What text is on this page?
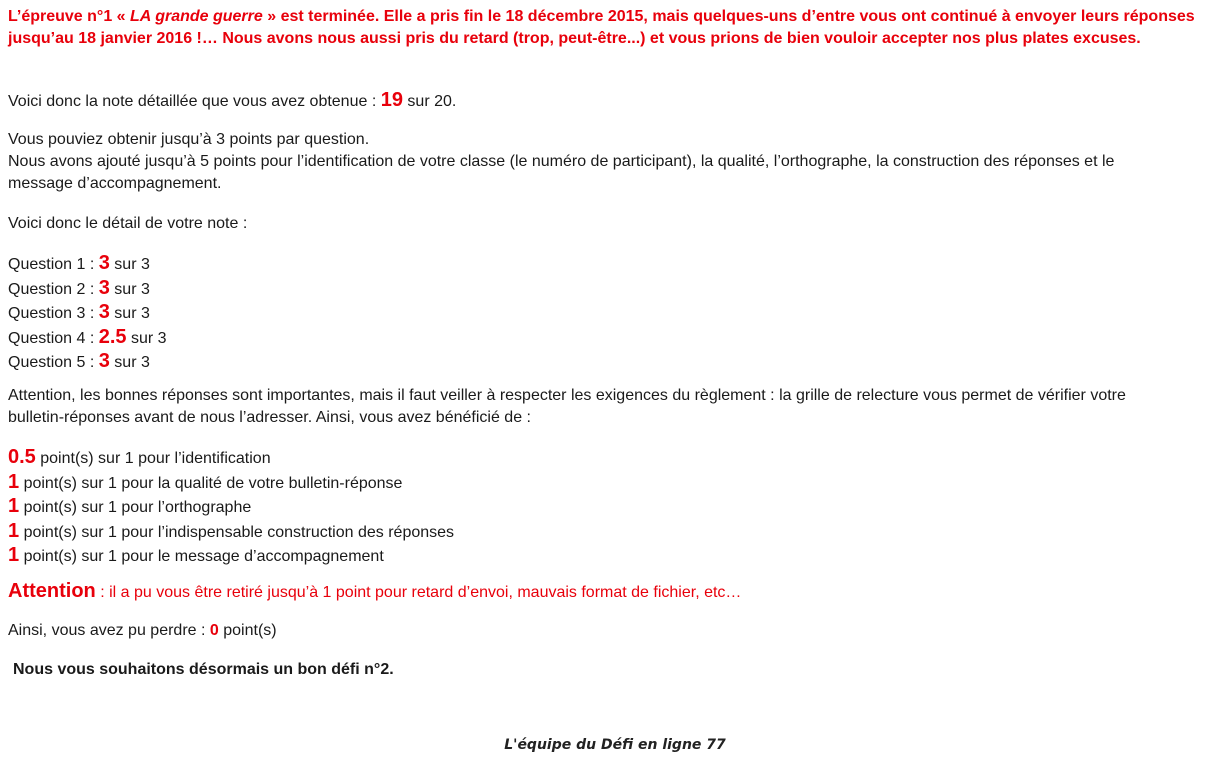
L’épreuve n°1 « LA grande guerre » est terminée. Elle a pris fin le 18 décembre 2015, mais quelques-uns d’entre vous ont continué à envoyer leurs réponses jusqu’au 18 janvier 2016 !… Nous avons nous aussi pris du retard (trop, peut-être...) et vous prions de bien vouloir accepter nos plus plates excuses.

Voici donc la note détaillée que vous avez obtenue : 19 sur 20.

Vous pouviez obtenir jusqu’à 3 points par question.

Nous avons ajouté jusqu’à 5 points pour l’identification de votre classe (le numéro de participant), la qualité, l’orthographe, la construction des réponses et le message d’accompagnement.

Voici donc le détail de votre note :

Question 1 : 3 sur 3

Question 2 : 3 sur 3

Question 3 : 3 sur 3

Question 4 : 2.5 sur 3

Question 5 : 3 sur 3

Attention, les bonnes réponses sont importantes, mais il faut veiller à respecter les exigences du règlement : la grille de relecture vous permet de vérifier votre bulletin-réponses avant de nous l’adresser. Ainsi, vous avez bénéficié de :

0.5 point(s) sur 1 pour l’identification

1 point(s) sur 1 pour la qualité de votre bulletin-réponse

1 point(s) sur 1 pour l’orthographe

1 point(s) sur 1 pour l’indispensable construction des réponses

1 point(s) sur 1 pour le message d’accompagnement

Attention : il a pu vous être retiré jusqu’à 1 point pour retard d’envoi, mauvais format de fichier, etc…

Ainsi, vous avez pu perdre : 0 point(s)

Nous vous souhaitons désormais un bon défi n°2.

L'équipe du Défi en ligne 77
